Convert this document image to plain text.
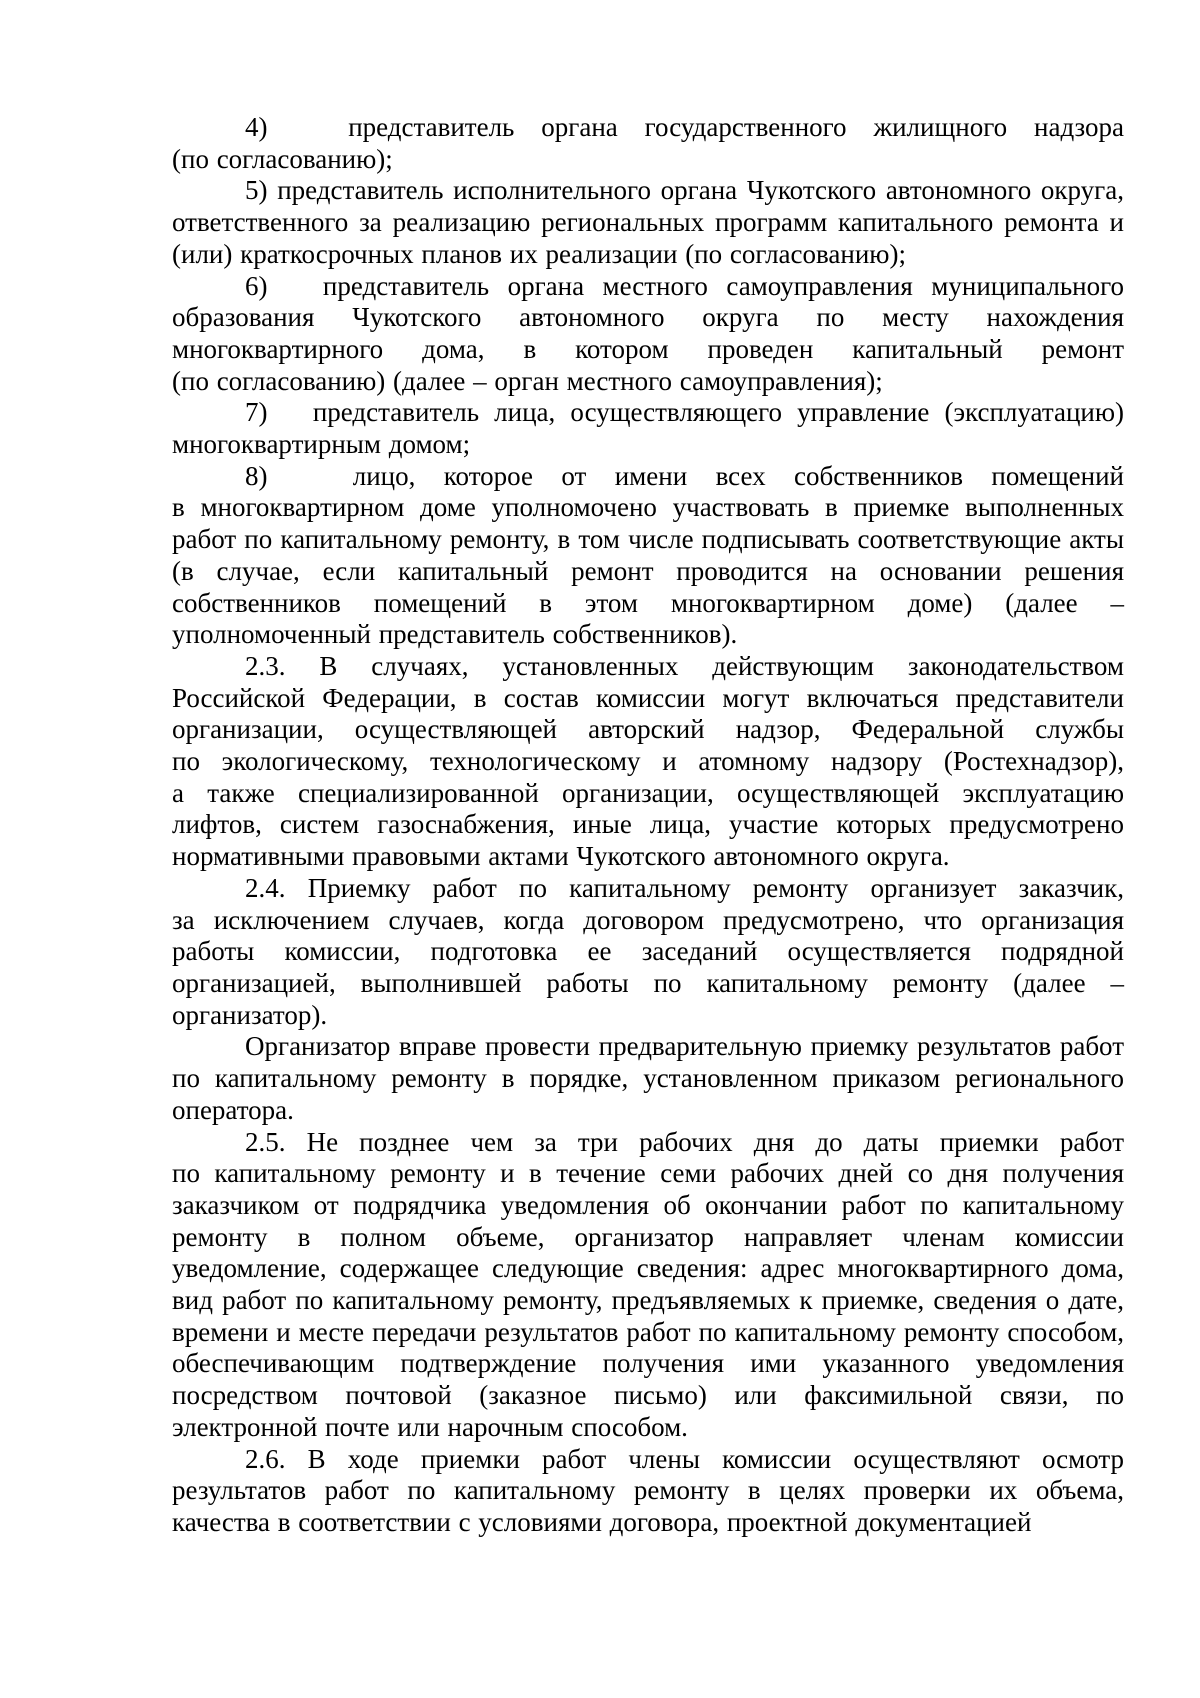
4)   представитель органа государственного жилищного надзора (по согласованию);

5) представитель исполнительного органа Чукотского автономного округа, ответственного за реализацию региональных программ капитального ремонта и (или) краткосрочных планов их реализации (по согласованию);

6)   представитель органа местного самоуправления муниципального образования Чукотского автономного округа по месту нахождения многоквартирного дома, в котором проведен капитальный ремонт (по согласованию) (далее – орган местного самоуправления);

7)   представитель лица, осуществляющего управление (эксплуатацию) многоквартирным домом;

8)   лицо, которое от имени всех собственников помещений в многоквартирном доме уполномочено участвовать в приемке выполненных работ по капитальному ремонту, в том числе подписывать соответствующие акты (в случае, если капитальный ремонт проводится на основании решения собственников помещений в этом многоквартирном доме) (далее – уполномоченный представитель собственников).

2.3. В случаях, установленных действующим законодательством Российской Федерации, в состав комиссии могут включаться представители организации, осуществляющей авторский надзор, Федеральной службы по экологическому, технологическому и атомному надзору (Ростехнадзор), а также специализированной организации, осуществляющей эксплуатацию лифтов, систем газоснабжения, иные лица, участие которых предусмотрено нормативными правовыми актами Чукотского автономного округа.

2.4. Приемку работ по капитальному ремонту организует заказчик, за исключением случаев, когда договором предусмотрено, что организация работы комиссии, подготовка ее заседаний осуществляется подрядной организацией, выполнившей работы по капитальному ремонту (далее – организатор).

Организатор вправе провести предварительную приемку результатов работ по капитальному ремонту в порядке, установленном приказом регионального оператора.

2.5. Не позднее чем за три рабочих дня до даты приемки работ по капитальному ремонту и в течение семи рабочих дней со дня получения заказчиком от подрядчика уведомления об окончании работ по капитальному ремонту в полном объеме, организатор направляет членам комиссии уведомление, содержащее следующие сведения: адрес многоквартирного дома, вид работ по капитальному ремонту, предъявляемых к приемке, сведения о дате, времени и месте передачи результатов работ по капитальному ремонту способом, обеспечивающим подтверждение получения ими указанного уведомления посредством почтовой (заказное письмо) или факсимильной связи, по электронной почте или нарочным способом.

2.6. В ходе приемки работ члены комиссии осуществляют осмотр результатов работ по капитальному ремонту в целях проверки их объема, качества в соответствии с условиями договора, проектной документацией
